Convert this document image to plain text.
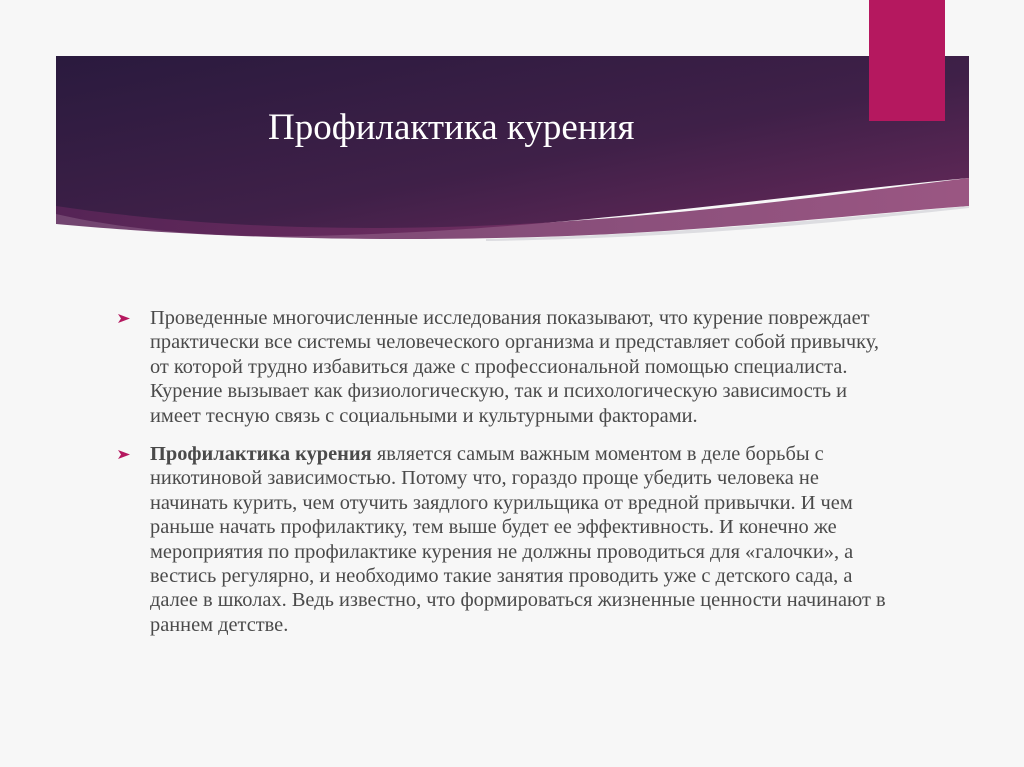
Профилактика курения

Проведенные многочисленные исследования показывают, что курение повреждает практически все системы человеческого организма и представляет собой привычку, от которой трудно избавиться даже с профессиональной помощью специалиста. Курение вызывает как физиологическую, так и психологическую зависимость и имеет тесную связь с социальными и культурными факторами.

Профилактика курения является самым важным моментом в деле борьбы с никотиновой зависимостью. Потому что, гораздо проще убедить человека не начинать курить, чем отучить заядлого курильщика от вредной привычки. И чем раньше начать профилактику, тем выше будет ее эффективность. И конечно же мероприятия по профилактике курения не должны проводиться для «галочки», а вестись регулярно, и необходимо такие занятия проводить уже с детского сада, а далее в школах. Ведь известно, что формироваться жизненные ценности начинают в раннем детстве.
